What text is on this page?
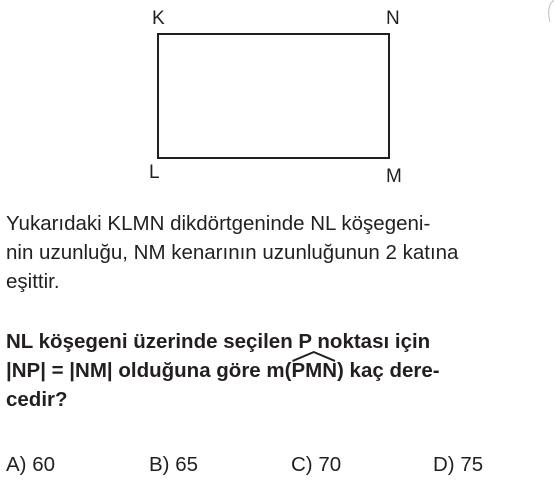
K	N
L	M
Yukarıdaki KLMN dikdörtgeninde NL köşegeni-
nin uzunluğu, NM kenarının uzunluğunun 2 katına
eşittir.
NL köşegeni üzerinde seçilen P noktası için
|NP| = |NM| olduğuna göre m(
PMN) kaç dere-
cedir?
A) 60	B) 65	C) 70	D) 75
